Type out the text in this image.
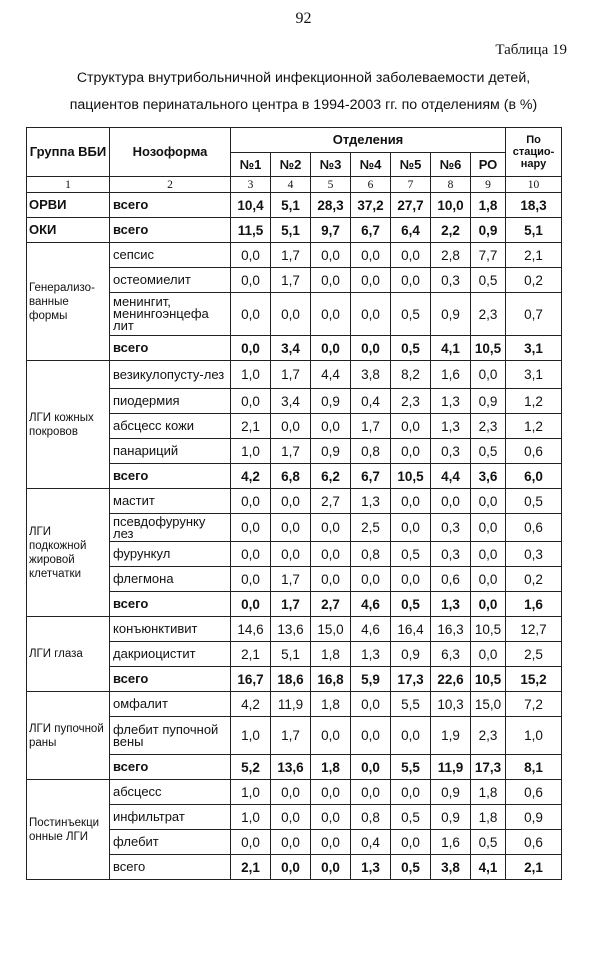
92
Таблица 19
Структура внутрибольничной инфекционной заболеваемости детей,
пациентов перинатального центра в 1994-2003 гг. по отделениям (в %)
Группа ВБИ	Нозоформа	Отделения							По стацио-нару
		№1	№2	№3	№4	№5	№6	РО	
1	2	3	4	5	6	7	8	9	10
ОРВИ	всего	10,4	5,1	28,3	37,2	27,7	10,0	1,8	18,3
ОКИ	всего	11,5	5,1	9,7	6,7	6,4	2,2	0,9	5,1
Генерализо-ванные формы	сепсис	0,0	1,7	0,0	0,0	0,0	2,8	7,7	2,1
	остеомиелит	0,0	1,7	0,0	0,0	0,0	0,3	0,5	0,2
	менингит, менингоэнцефа лит	0,0	0,0	0,0	0,0	0,5	0,9	2,3	0,7
	всего	0,0	3,4	0,0	0,0	0,5	4,1	10,5	3,1
ЛГИ кожных покровов	везикулопусту-лез	1,0	1,7	4,4	3,8	8,2	1,6	0,0	3,1
	пиодермия	0,0	3,4	0,9	0,4	2,3	1,3	0,9	1,2
	абсцесс кожи	2,1	0,0	0,0	1,7	0,0	1,3	2,3	1,2
	панариций	1,0	1,7	0,9	0,8	0,0	0,3	0,5	0,6
	всего	4,2	6,8	6,2	6,7	10,5	4,4	3,6	6,0
ЛГИ подкожной жировой клетчатки	мастит	0,0	0,0	2,7	1,3	0,0	0,0	0,0	0,5
	псевдофурунку лез	0,0	0,0	0,0	2,5	0,0	0,3	0,0	0,6
	фурункул	0,0	0,0	0,0	0,8	0,5	0,3	0,0	0,3
	флегмона	0,0	1,7	0,0	0,0	0,0	0,6	0,0	0,2
	всего	0,0	1,7	2,7	4,6	0,5	1,3	0,0	1,6
ЛГИ глаза	конъюнктивит	14,6	13,6	15,0	4,6	16,4	16,3	10,5	12,7
	дакриоцистит	2,1	5,1	1,8	1,3	0,9	6,3	0,0	2,5
	всего	16,7	18,6	16,8	5,9	17,3	22,6	10,5	15,2
ЛГИ пупочной раны	омфалит	4,2	11,9	1,8	0,0	5,5	10,3	15,0	7,2
	флебит пупочной вены	1,0	1,7	0,0	0,0	0,0	1,9	2,3	1,0
	всего	5,2	13,6	1,8	0,0	5,5	11,9	17,3	8,1
Постинъекци онные ЛГИ	абсцесс	1,0	0,0	0,0	0,0	0,0	0,9	1,8	0,6
	инфильтрат	1,0	0,0	0,0	0,8	0,5	0,9	1,8	0,9
	флебит	0,0	0,0	0,0	0,4	0,0	1,6	0,5	0,6
	всего	2,1	0,0	0,0	1,3	0,5	3,8	4,1	2,1
